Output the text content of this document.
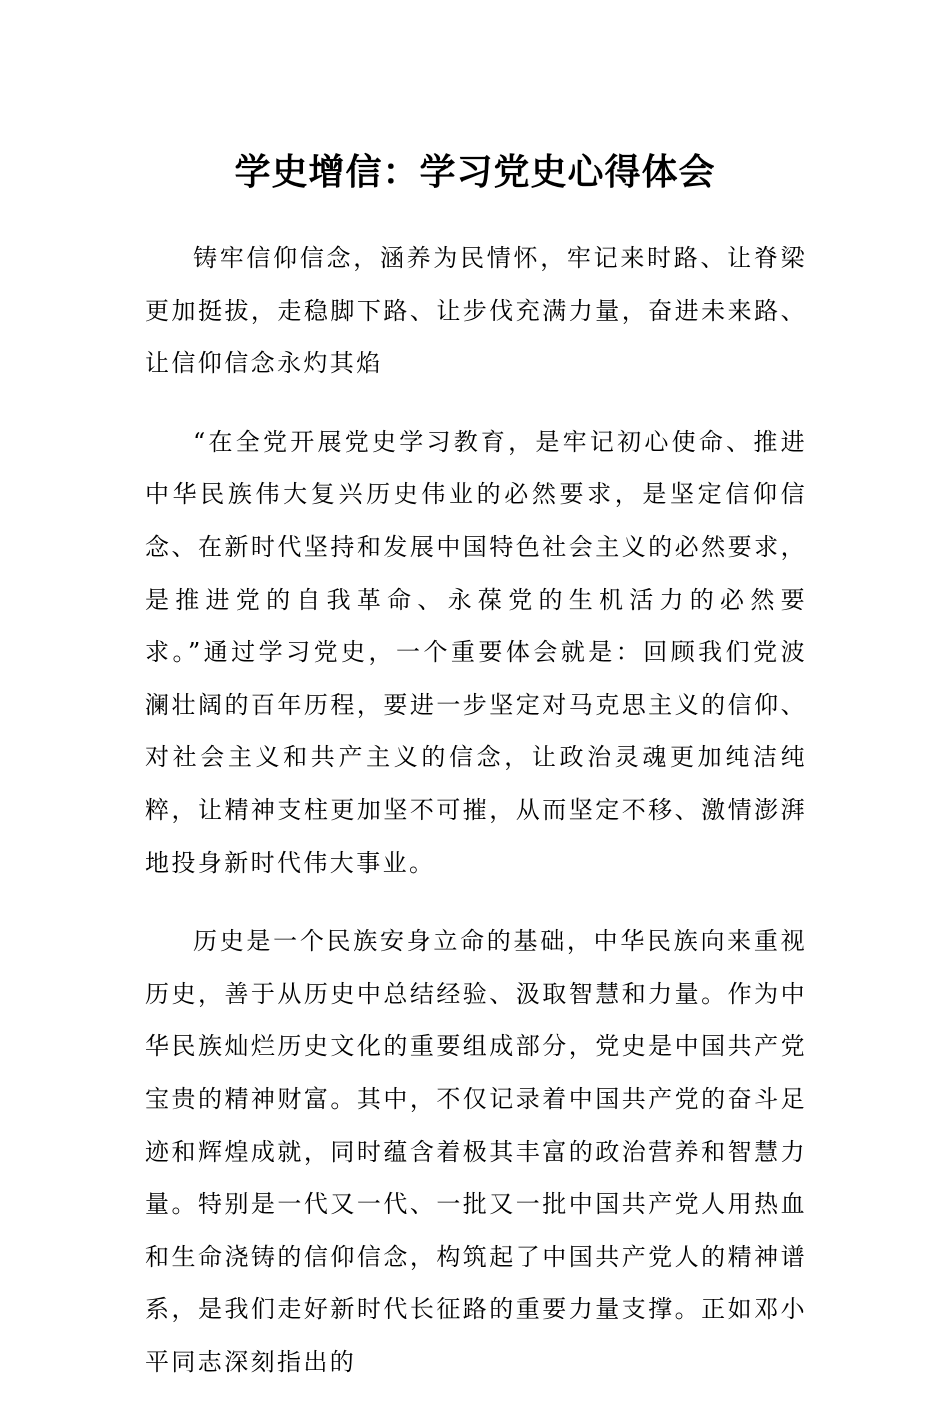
学史增信：学习党史心得体会

铸牢信仰信念，涵养为民情怀，牢记来时路、让脊梁更加挺拔，走稳脚下路、让步伐充满力量，奋进未来路、让信仰信念永灼其焰

“在全党开展党史学习教育，是牢记初心使命、推进中华民族伟大复兴历史伟业的必然要求，是坚定信仰信念、在新时代坚持和发展中国特色社会主义的必然要求，是推进党的自我革命、永葆党的生机活力的必然要求。”通过学习党史，一个重要体会就是：回顾我们党波澜壮阔的百年历程，要进一步坚定对马克思主义的信仰、对社会主义和共产主义的信念，让政治灵魂更加纯洁纯粹，让精神支柱更加坚不可摧，从而坚定不移、激情澎湃地投身新时代伟大事业。

历史是一个民族安身立命的基础，中华民族向来重视历史，善于从历史中总结经验、汲取智慧和力量。作为中华民族灿烂历史文化的重要组成部分，党史是中国共产党宝贵的精神财富。其中，不仅记录着中国共产党的奋斗足迹和辉煌成就，同时蕴含着极其丰富的政治营养和智慧力量。特别是一代又一代、一批又一批中国共产党人用热血和生命浇铸的信仰信念，构筑起了中国共产党人的精神谱系，是我们走好新时代长征路的重要力量支撑。正如邓小平同志深刻指出的
